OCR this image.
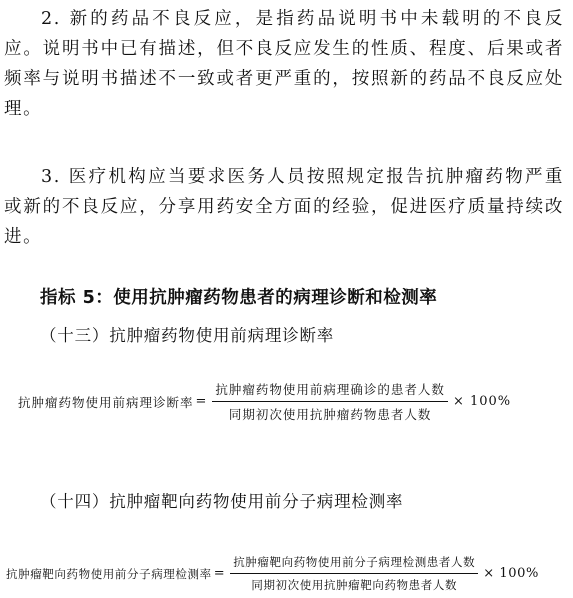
2. 新的药品不良反应，是指药品说明书中未载明的不良反应。说明书中已有描述，但不良反应发生的性质、程度、后果或者频率与说明书描述不一致或者更严重的，按照新的药品不良反应处理。

3. 医疗机构应当要求医务人员按照规定报告抗肿瘤药物严重或新的不良反应，分享用药安全方面的经验，促进医疗质量持续改进。

指标 5：使用抗肿瘤药物患者的病理诊断和检测率
（十三）抗肿瘤药物使用前病理诊断率
抗肿瘤药物使用前病理诊断率 = $\frac{\text{抗肿瘤药物使用前病理确诊的患者人数}}{\text{同期初次使用抗肿瘤药物患者人数}} \times 100\%$
（十四）抗肿瘤靶向药物使用前分子病理检测率
抗肿瘤靶向药物使用前分子病理检测率 = $\frac{\text{抗肿瘤靶向药物使用前分子病理检测患者人数}}{\text{同期初次使用抗肿瘤靶向药物患者人数}} \times 100\%$
